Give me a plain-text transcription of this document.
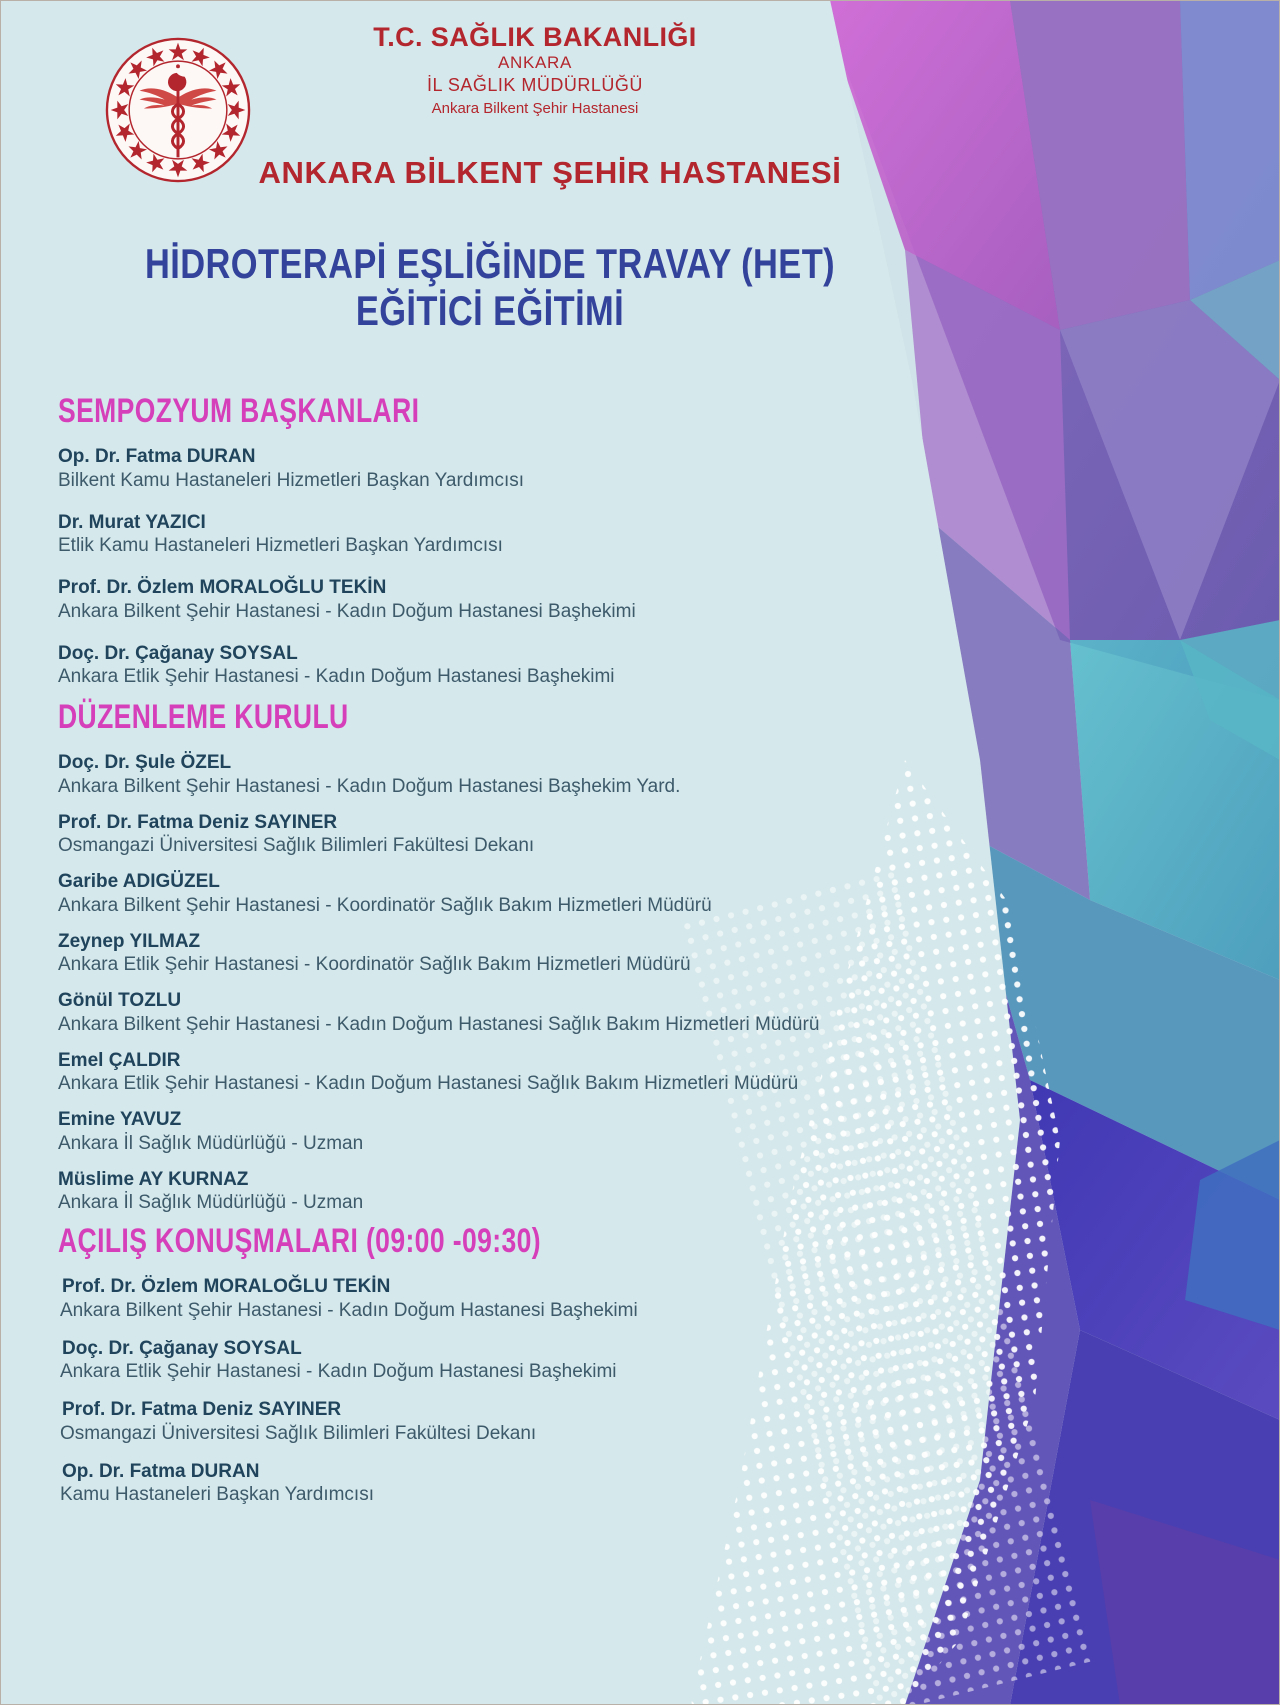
T.C. SAĞLIK BAKANLIĞI
ANKARA
İL SAĞLIK MÜDÜRLÜĞÜ
Ankara Bilkent Şehir Hastanesi
ANKARA BİLKENT ŞEHİR HASTANESİ
HİDROTERAPİ EŞLİĞİNDE TRAVAY (HET)
EĞİTİCİ EĞİTİMİ
SEMPOZYUM BAŞKANLARI
Op. Dr. Fatma DURAN
Bilkent Kamu Hastaneleri Hizmetleri Başkan Yardımcısı
Dr. Murat YAZICI
Etlik Kamu Hastaneleri Hizmetleri Başkan Yardımcısı
Prof. Dr. Özlem MORALOĞLU TEKİN
Ankara Bilkent Şehir Hastanesi - Kadın Doğum Hastanesi Başhekimi
Doç. Dr. Çağanay SOYSAL
Ankara Etlik Şehir Hastanesi - Kadın Doğum Hastanesi Başhekimi
DÜZENLEME KURULU
Doç. Dr. Şule ÖZEL
Ankara Bilkent Şehir Hastanesi - Kadın Doğum Hastanesi Başhekim Yard.
Prof. Dr. Fatma Deniz SAYINER
Osmangazi Üniversitesi Sağlık Bilimleri Fakültesi Dekanı
Garibe ADIGÜZEL
Ankara Bilkent Şehir Hastanesi - Koordinatör Sağlık Bakım Hizmetleri Müdürü
Zeynep YILMAZ
Ankara Etlik Şehir Hastanesi - Koordinatör Sağlık Bakım Hizmetleri Müdürü
Gönül TOZLU
Ankara Bilkent Şehir Hastanesi - Kadın Doğum Hastanesi Sağlık Bakım Hizmetleri Müdürü
Emel ÇALDIR
Ankara Etlik Şehir Hastanesi - Kadın Doğum Hastanesi Sağlık Bakım Hizmetleri Müdürü
Emine YAVUZ
Ankara İl Sağlık Müdürlüğü - Uzman
Müslime AY KURNAZ
Ankara İl Sağlık Müdürlüğü - Uzman
AÇILIŞ KONUŞMALARI (09:00 -09:30)
Prof. Dr. Özlem MORALOĞLU TEKİN
Ankara Bilkent Şehir Hastanesi - Kadın Doğum Hastanesi Başhekimi
Doç. Dr. Çağanay SOYSAL
Ankara Etlik Şehir Hastanesi - Kadın Doğum Hastanesi Başhekimi
Prof. Dr. Fatma Deniz SAYINER
Osmangazi Üniversitesi Sağlık Bilimleri Fakültesi Dekanı
Op. Dr. Fatma DURAN
Kamu Hastaneleri Başkan Yardımcısı
